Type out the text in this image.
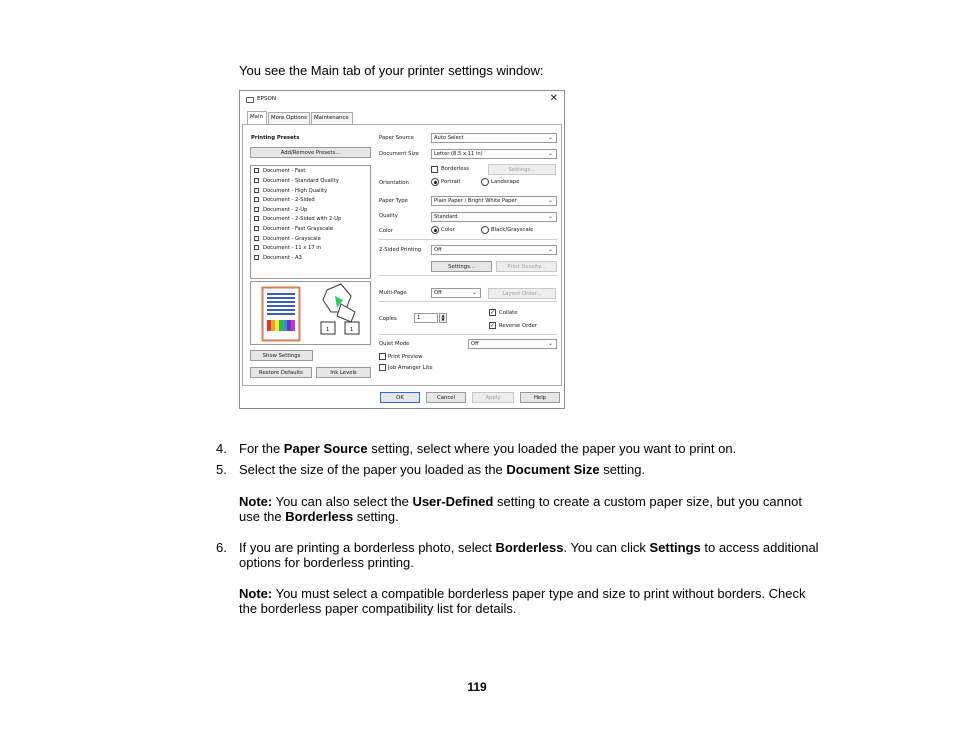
You see the Main tab of your printer settings window:
EPSON	✕
Main	More Options	Maintenance
Printing Presets
Add/Remove Presets...
Document - Fast
Document - Standard Quality
Document - High Quality
Document - 2-Sided
Document - 2-Up
Document - 2-Sided with 2-Up
Document - Fast Grayscale
Document - Grayscale
Document - 11 x 17 in
Document - A3
1	1
Show Settings
Restore Defaults	Ink Levels
Paper Source	Auto Select	⌄
Document Size	Letter (8.5 x 11 in)	⌄
Borderless	Settings...
Orientation	Portrait	Landscape
Paper Type	Plain Paper / Bright White Paper	⌄
Quality	Standard	⌄
Color	Color	Black/Grayscale
2-Sided Printing	Off	⌄
Settings...	Print Density...
Multi-Page	Off	⌄	Layout Order...
Copies	1	▲
▼
✓ Collate
✓ Reverse Order
Quiet Mode	Off	⌄
Print Preview
Job Arranger Lite
OK	Cancel	Apply	Help
4. For the Paper Source setting, select where you loaded the paper you want to print on.
5. Select the size of the paper you loaded as the Document Size setting.
Note: You can also select the User-Defined setting to create a custom paper size, but you cannot use the Borderless setting.
6. If you are printing a borderless photo, select Borderless. You can click Settings to access additional options for borderless printing.
Note: You must select a compatible borderless paper type and size to print without borders. Check the borderless paper compatibility list for details.
119
